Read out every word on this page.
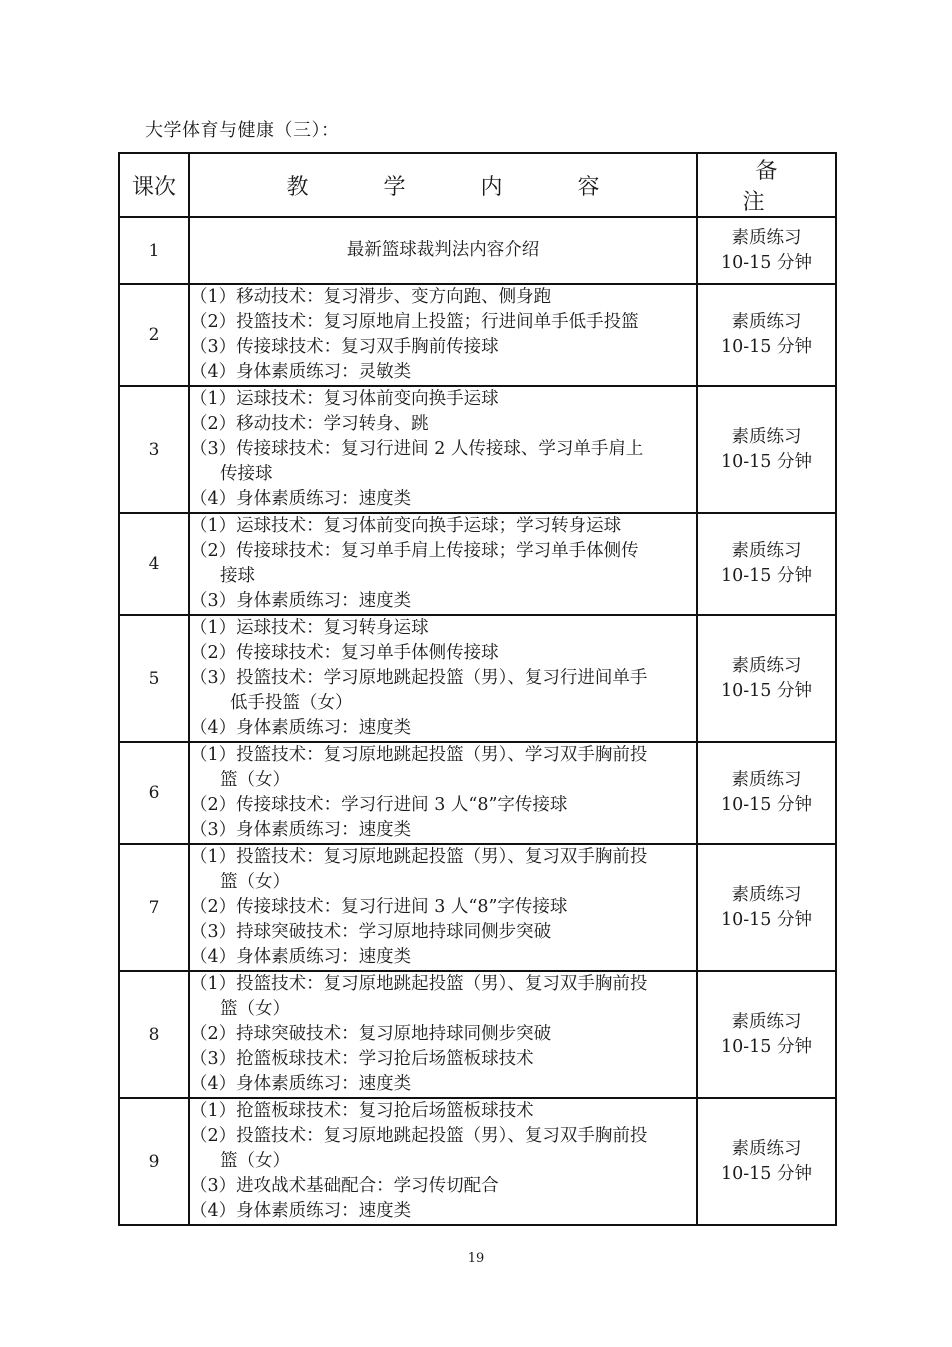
大学体育与健康（三）：
课次	教 学 内 容	备 注
1	最新篮球裁判法内容介绍	素质练习
10-15 分钟

2	（1）移动技术：复习滑步、变方向跑、侧身跑
（2）投篮技术：复习原地肩上投篮；行进间单手低手投篮
（3）传接球技术：复习双手胸前传接球
（4）身体素质练习：灵敏类	素质练习
10-15 分钟

3	（1）运球技术：复习体前变向换手运球
（2）移动技术：学习转身、跳
（3）传接球技术：复习行进间 2 人传接球、学习单手肩上
传接球
（4）身体素质练习：速度类	素质练习
10-15 分钟

4	（1）运球技术：复习体前变向换手运球；学习转身运球
（2）传接球技术：复习单手肩上传接球；学习单手体侧传
接球
（3）身体素质练习：速度类	素质练习
10-15 分钟

5	（1）运球技术：复习转身运球
（2）传接球技术：复习单手体侧传接球
（3）投篮技术：学习原地跳起投篮（男）、复习行进间单手
低手投篮（女）
（4）身体素质练习：速度类	素质练习
10-15 分钟

6	（1）投篮技术：复习原地跳起投篮（男）、学习双手胸前投
篮（女）
（2）传接球技术：学习行进间 3 人“8”字传接球
（3）身体素质练习：速度类	素质练习
10-15 分钟

7	（1）投篮技术：复习原地跳起投篮（男）、复习双手胸前投
篮（女）
（2）传接球技术：复习行进间 3 人“8”字传接球
（3）持球突破技术：学习原地持球同侧步突破
（4）身体素质练习：速度类	素质练习
10-15 分钟

8	（1）投篮技术：复习原地跳起投篮（男）、复习双手胸前投
篮（女）
（2）持球突破技术：复习原地持球同侧步突破
（3）抢篮板球技术：学习抢后场篮板球技术
（4）身体素质练习：速度类	素质练习
10-15 分钟

9	（1）抢篮板球技术：复习抢后场篮板球技术
（2）投篮技术：复习原地跳起投篮（男）、复习双手胸前投
篮（女）
（3）进攻战术基础配合：学习传切配合
（4）身体素质练习：速度类	素质练习
10-15 分钟
19
